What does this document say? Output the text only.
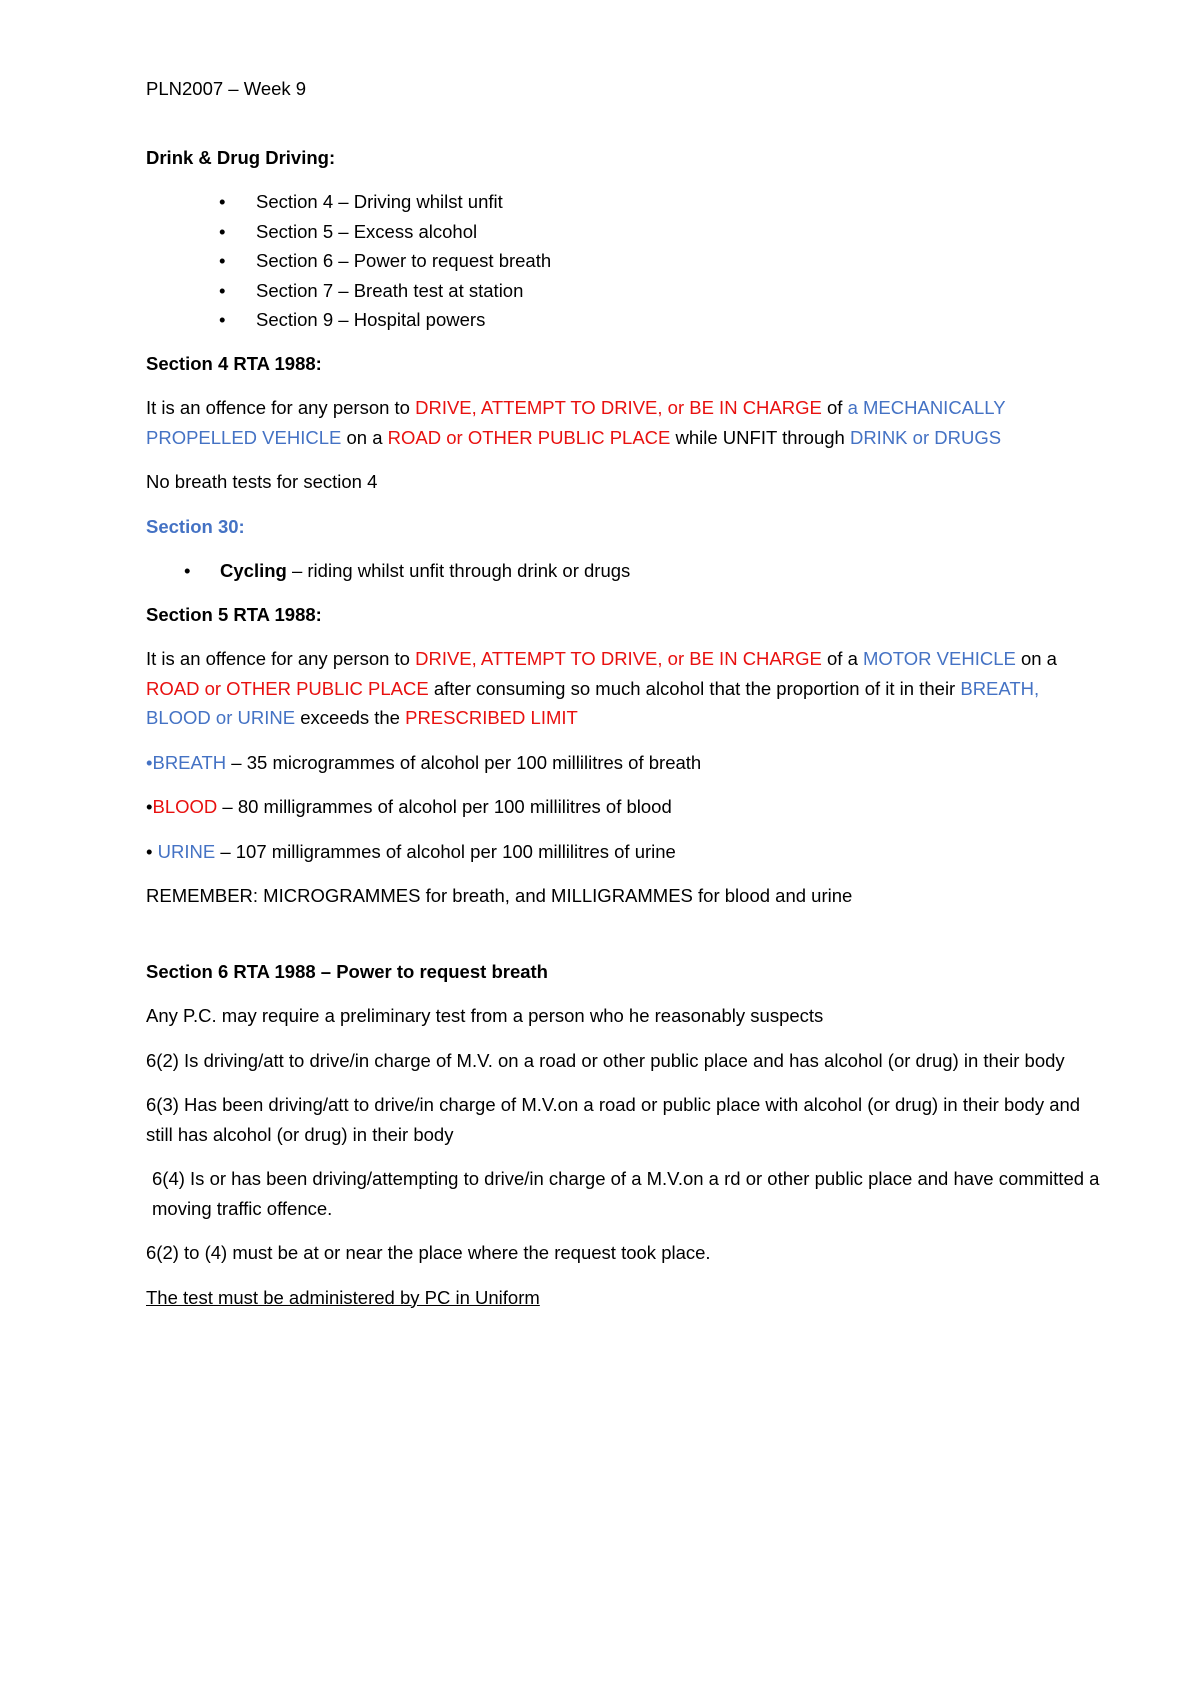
PLN2007 – Week 9
Drink & Drug Driving:
• Section 4 – Driving whilst unfit
• Section 5 – Excess alcohol
• Section 6 – Power to request breath
• Section 7 – Breath test at station
• Section 9 – Hospital powers
Section 4 RTA 1988:
It is an offence for any person to DRIVE, ATTEMPT TO DRIVE, or BE IN CHARGE of a MECHANICALLY PROPELLED VEHICLE on a ROAD or OTHER PUBLIC PLACE while UNFIT through DRINK or DRUGS
No breath tests for section 4
Section 30:
• Cycling – riding whilst unfit through drink or drugs
Section 5 RTA 1988:
It is an offence for any person to DRIVE, ATTEMPT TO DRIVE, or BE IN CHARGE of a MOTOR VEHICLE on a ROAD or OTHER PUBLIC PLACE after consuming so much alcohol that the proportion of it in their BREATH, BLOOD or URINE exceeds the PRESCRIBED LIMIT
•BREATH – 35 microgrammes of alcohol per 100 millilitres of breath
•BLOOD – 80 milligrammes of alcohol per 100 millilitres of blood
• URINE – 107 milligrammes of alcohol per 100 millilitres of urine
REMEMBER: MICROGRAMMES for breath, and MILLIGRAMMES for blood and urine
Section 6 RTA 1988 – Power to request breath
Any P.C. may require a preliminary test from a person who he reasonably suspects
6(2) Is driving/att to drive/in charge of M.V. on a road or other public place and has alcohol (or drug) in their body
6(3) Has been driving/att to drive/in charge of M.V.on a road or public place with alcohol (or drug) in their body and still has alcohol (or drug) in their body
6(4) Is or has been driving/attempting to drive/in charge of a M.V.on a rd or other public place and have committed a moving traffic offence.
6(2) to (4) must be at or near the place where the request took place.
The test must be administered by PC in Uniform
